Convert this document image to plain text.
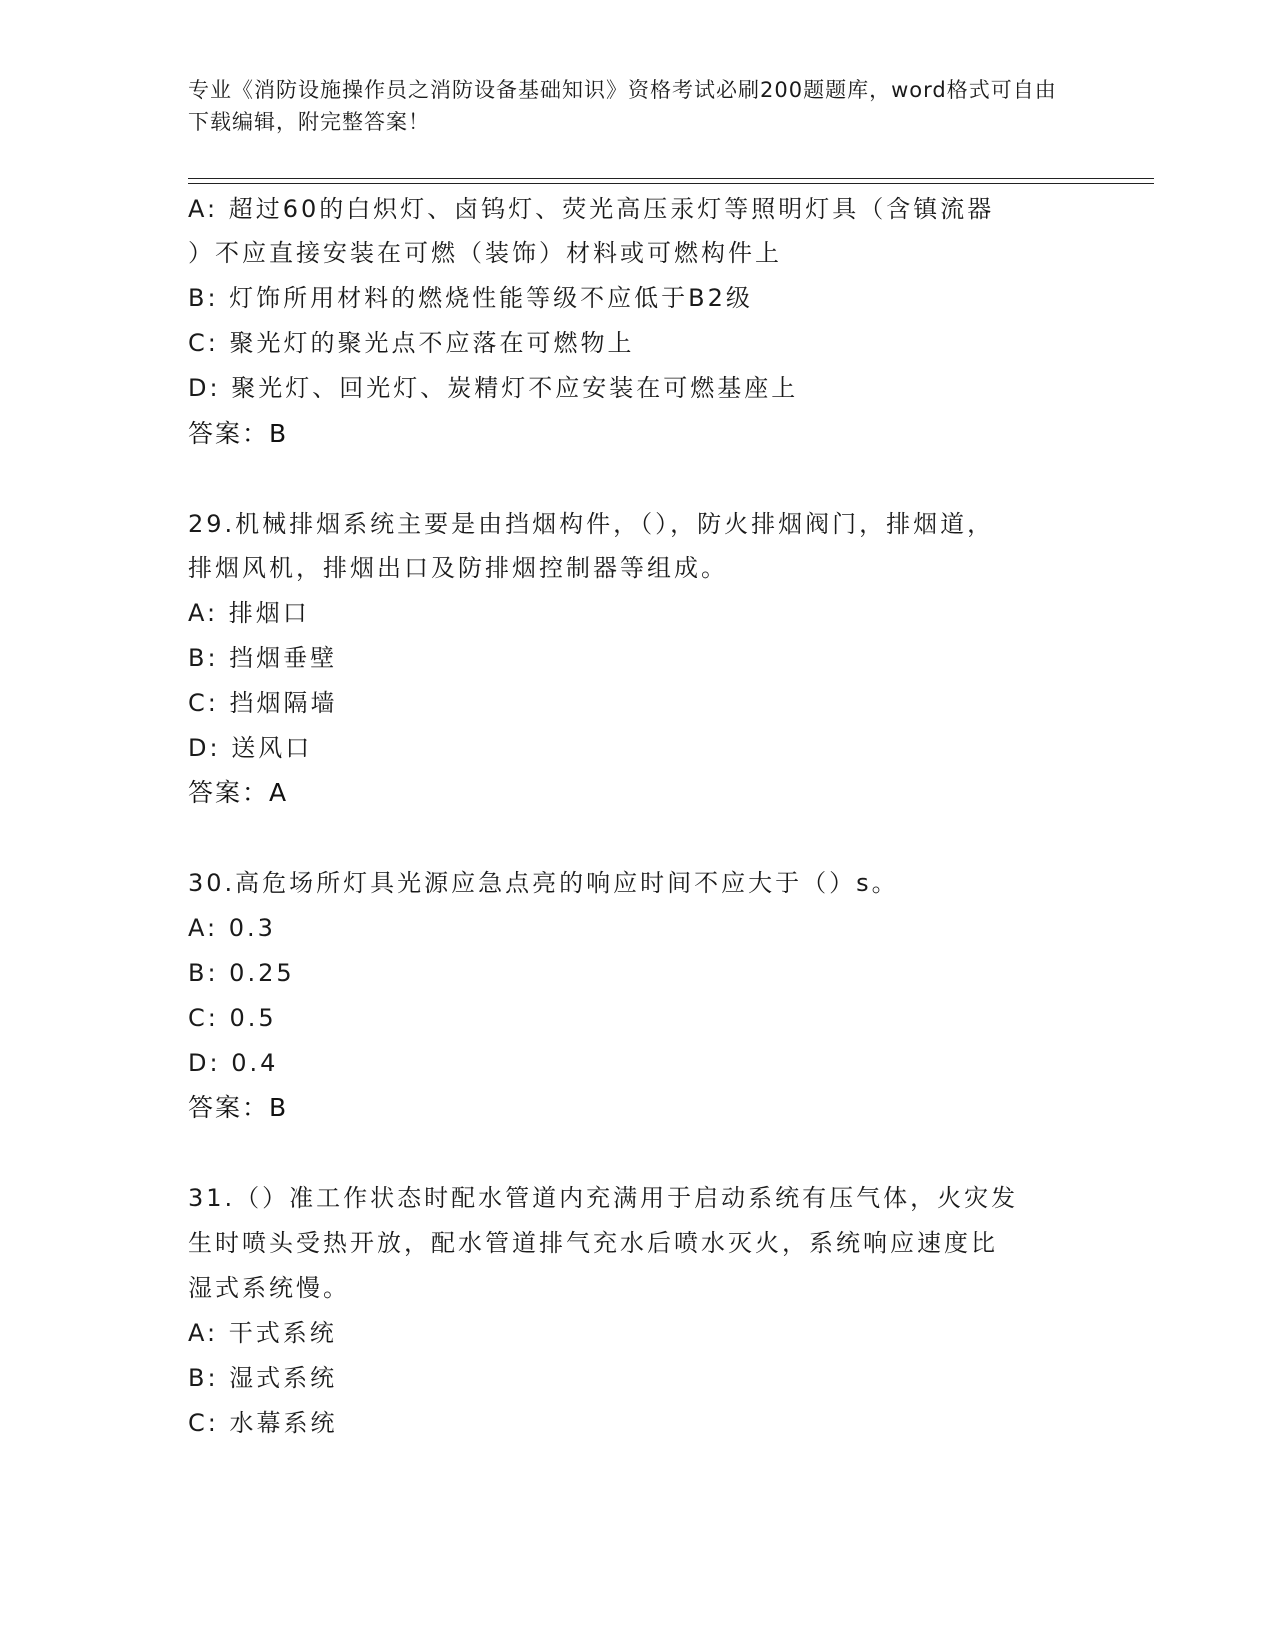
专业《消防设施操作员之消防设备基础知识》资格考试必刷200题题库，word格式可自由下载编辑，附完整答案！
A: 超过60的白炽灯、卤钨灯、荧光高压汞灯等照明灯具（含镇流器
）不应直接安装在可燃（装饰）材料或可燃构件上
B: 灯饰所用材料的燃烧性能等级不应低于B2级
C: 聚光灯的聚光点不应落在可燃物上
D: 聚光灯、回光灯、炭精灯不应安装在可燃基座上
答案：B
29.机械排烟系统主要是由挡烟构件，（），防火排烟阀门，排烟道，
排烟风机，排烟出口及防排烟控制器等组成。
A: 排烟口
B: 挡烟垂壁
C: 挡烟隔墙
D: 送风口
答案：A
30.高危场所灯具光源应急点亮的响应时间不应大于（）s。
A: 0.3
B: 0.25
C: 0.5
D: 0.4
答案：B
31.（）准工作状态时配水管道内充满用于启动系统有压气体，火灾发
生时喷头受热开放，配水管道排气充水后喷水灭火，系统响应速度比
湿式系统慢。
A: 干式系统
B: 湿式系统
C: 水幕系统
